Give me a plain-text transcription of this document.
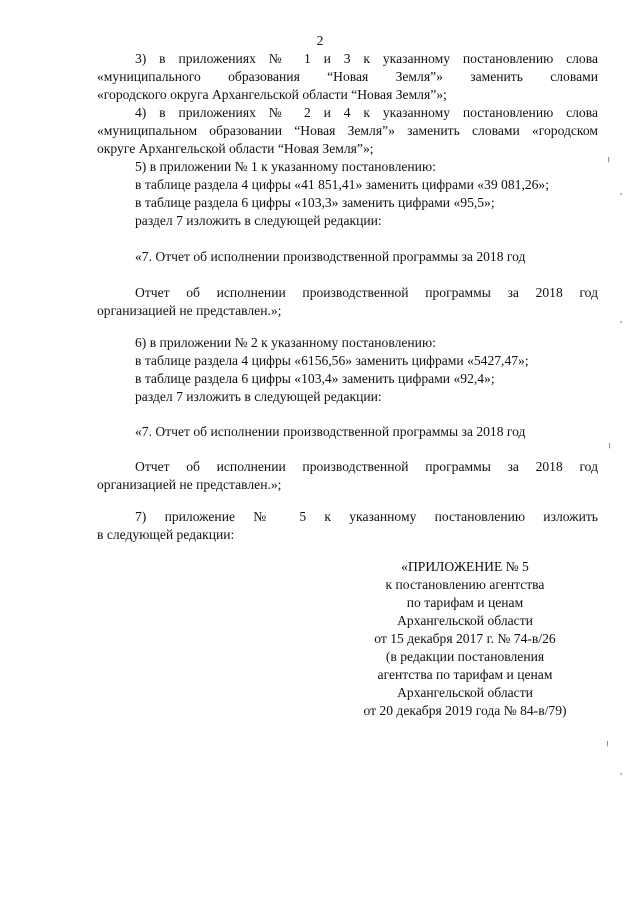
2
3) в приложениях № 1 и 3 к указанному постановлению слова
«муниципального образования “Новая Земля”» заменить словами
«городского округа Архангельской области “Новая Земля”»;
4) в приложениях № 2 и 4 к указанному постановлению слова
«муниципальном образовании “Новая Земля”» заменить словами «городском
округе Архангельской области “Новая Земля”»;
5) в приложении № 1 к указанному постановлению:
в таблице раздела 4 цифры «41 851,41» заменить цифрами «39 081,26»;
в таблице раздела 6 цифры «103,3» заменить цифрами «95,5»;
раздел 7 изложить в следующей редакции:
«7. Отчет об исполнении производственной программы за 2018 год
Отчет об исполнении производственной программы за 2018 год
организацией не представлен.»;
6) в приложении № 2 к указанному постановлению:
в таблице раздела 4 цифры «6156,56» заменить цифрами «5427,47»;
в таблице раздела 6 цифры «103,4» заменить цифрами «92,4»;
раздел 7 изложить в следующей редакции:
«7. Отчет об исполнении производственной программы за 2018 год
Отчет об исполнении производственной программы за 2018 год
организацией не представлен.»;
7) приложение № 5 к указанному постановлению изложить
в следующей редакции:
«ПРИЛОЖЕНИЕ № 5
к постановлению агентства
по тарифам и ценам
Архангельской области
от 15 декабря 2017 г. № 74-в/26
(в редакции постановления
агентства по тарифам и ценам
Архангельской области
от 20 декабря 2019 года № 84-в/79)
╷
,
,
╷
╷
,
